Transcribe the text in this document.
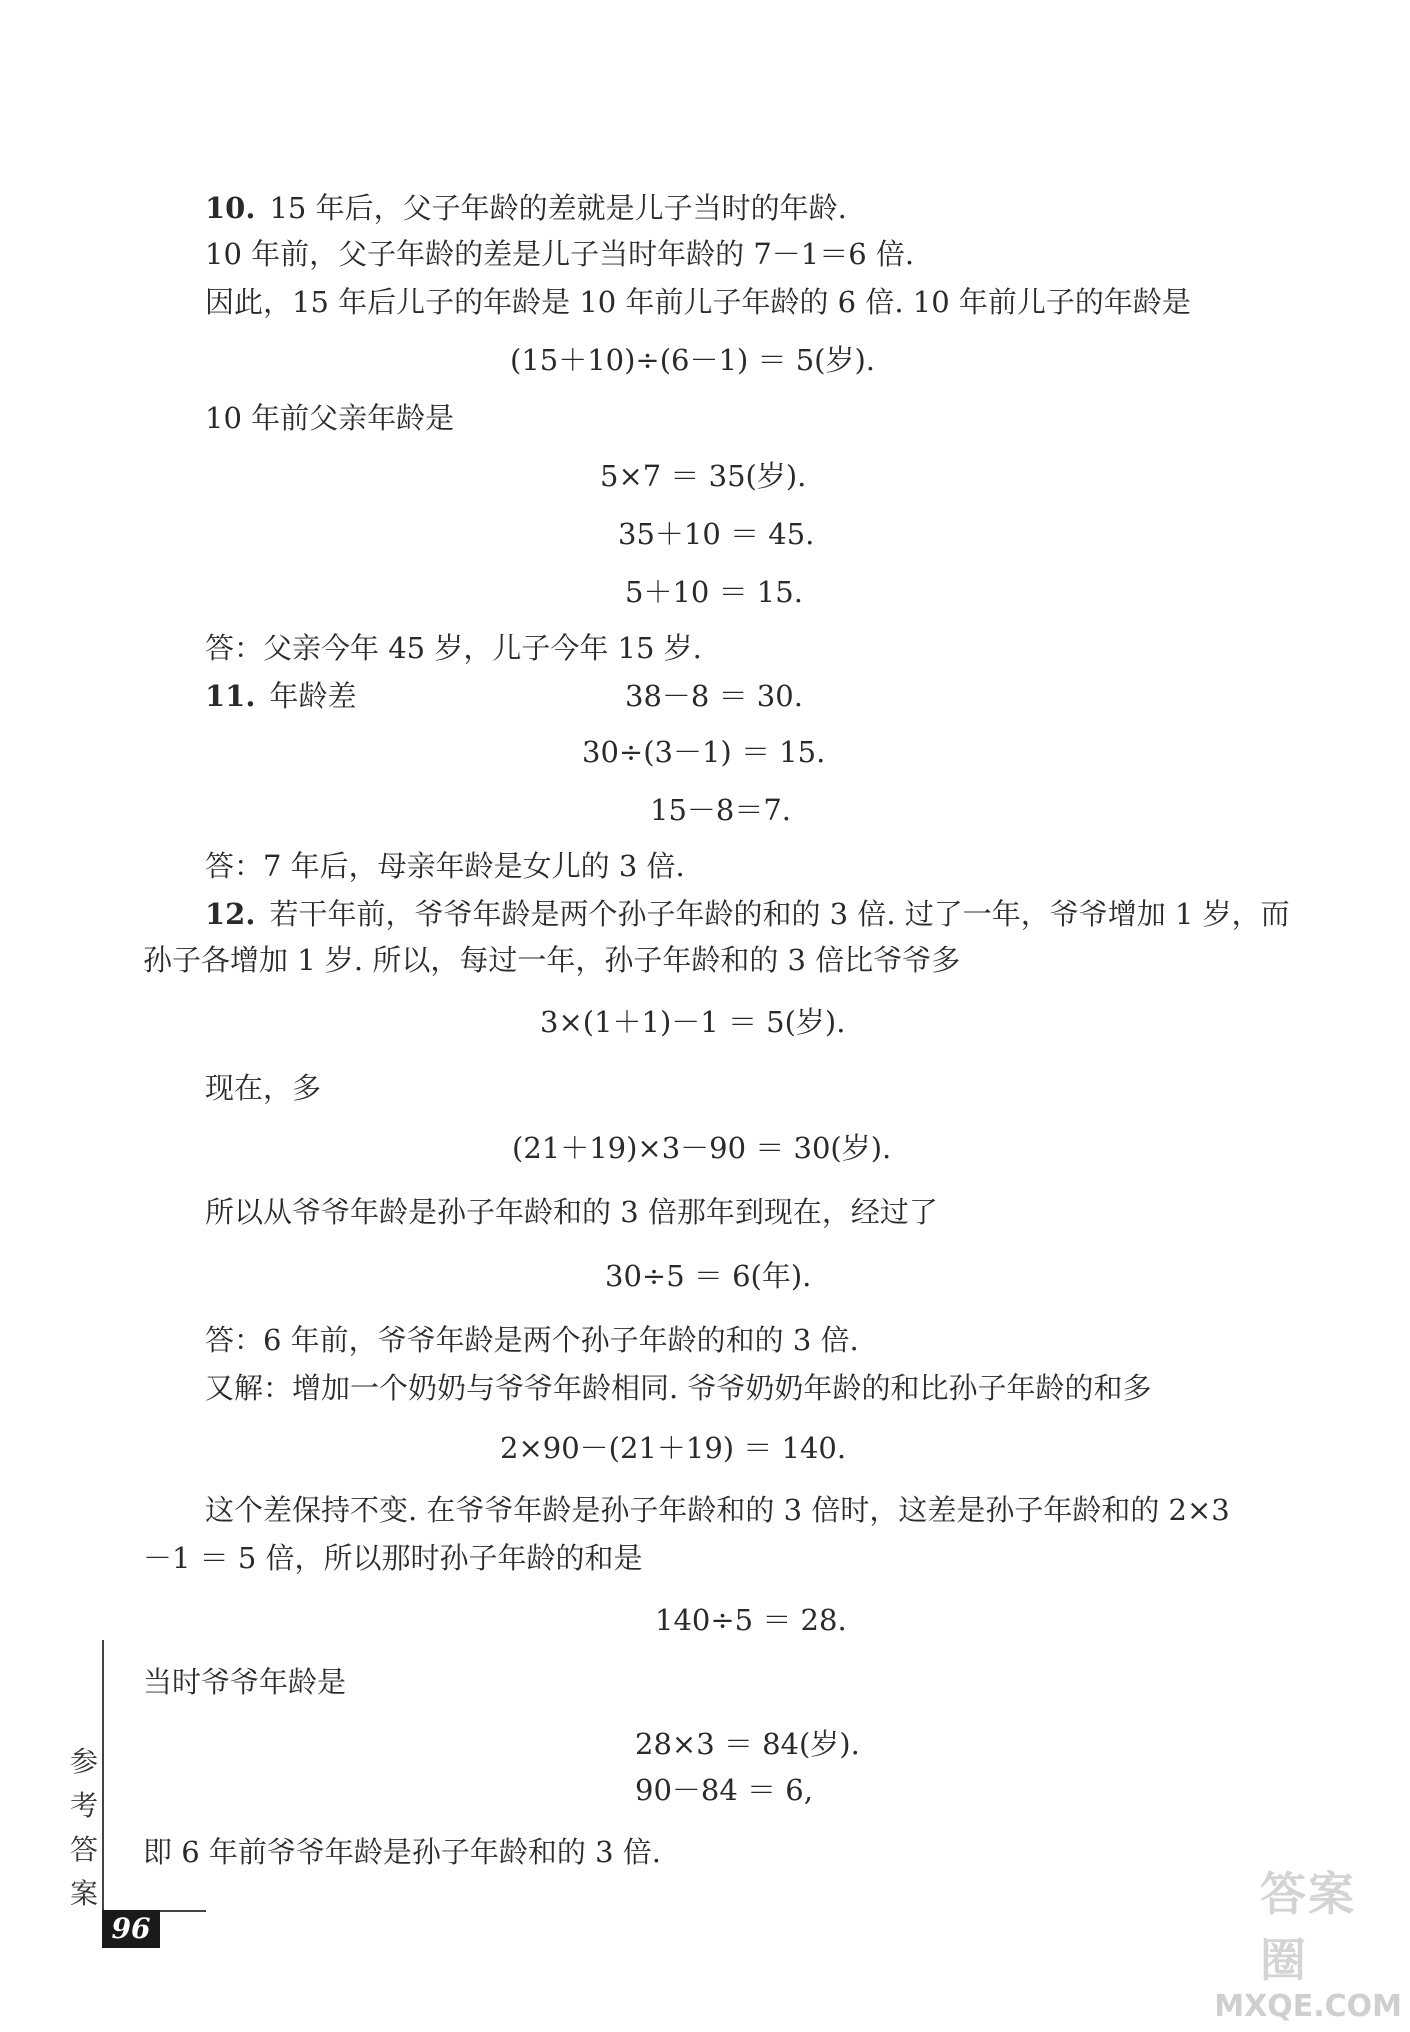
10. 15 年后，父子年龄的差就是儿子当时的年龄.

10 年前，父子年龄的差是儿子当时年龄的 7－1＝6 倍.

因此，15 年后儿子的年龄是 10 年前儿子年龄的 6 倍. 10 年前儿子的年龄是

(15＋10)÷(6－1) ＝ 5(岁).

10 年前父亲年龄是

5×7 ＝ 35(岁).

35＋10 ＝ 45.

5＋10 ＝ 15.

答：父亲今年 45 岁，儿子今年 15 岁.

11. 年龄差	38－8 ＝ 30.

30÷(3－1) ＝ 15.

15－8＝7.

答：7 年后，母亲年龄是女儿的 3 倍.

12. 若干年前，爷爷年龄是两个孙子年龄的和的 3 倍. 过了一年，爷爷增加 1 岁，而

孙子各增加 1 岁. 所以，每过一年，孙子年龄和的 3 倍比爷爷多

3×(1＋1)－1 ＝ 5(岁).

现在，多

(21＋19)×3－90 ＝ 30(岁).

所以从爷爷年龄是孙子年龄和的 3 倍那年到现在，经过了

30÷5 ＝ 6(年).

答：6 年前，爷爷年龄是两个孙子年龄的和的 3 倍.

又解：增加一个奶奶与爷爷年龄相同. 爷爷奶奶年龄的和比孙子年龄的和多

2×90－(21＋19) ＝ 140.

这个差保持不变. 在爷爷年龄是孙子年龄和的 3 倍时，这差是孙子年龄和的 2×3

－1 ＝ 5 倍，所以那时孙子年龄的和是

140÷5 ＝ 28.

当时爷爷年龄是

28×3 ＝ 84(岁).

90－84 ＝ 6,

即 6 年前爷爷年龄是孙子年龄和的 3 倍.

参
考
答
案
96
答案圈
MXQE.COM
